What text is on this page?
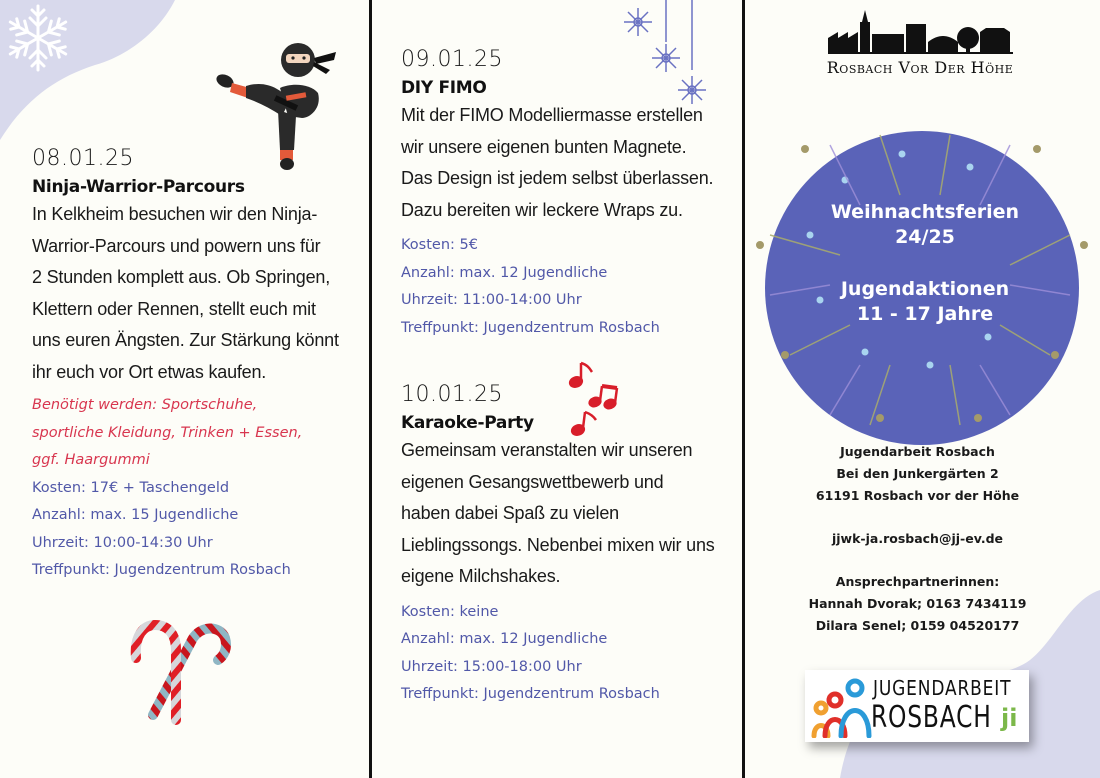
08.01.25
Ninja-Warrior-Parcours
In Kelkheim besuchen wir den Ninja-
Warrior-Parcours und powern uns für
2 Stunden komplett aus. Ob Springen,
Klettern oder Rennen, stellt euch mit
uns euren Ängsten. Zur Stärkung könnt
ihr euch vor Ort etwas kaufen.
Benötigt werden: Sportschuhe,
sportliche Kleidung, Trinken + Essen,
ggf. Haargummi
Kosten: 17€ + Taschengeld
Anzahl: max. 15 Jugendliche
Uhrzeit: 10:00-14:30 Uhr
Treffpunkt: Jugendzentrum Rosbach
09.01.25
DIY FIMO
Mit der FIMO Modelliermasse erstellen
wir unsere eigenen bunten Magnete.
Das Design ist jedem selbst überlassen.
Dazu bereiten wir leckere Wraps zu.
Kosten: 5€
Anzahl: max. 12 Jugendliche
Uhrzeit: 11:00-14:00 Uhr
Treffpunkt: Jugendzentrum Rosbach
10.01.25
Karaoke-Party
Gemeinsam veranstalten wir unseren
eigenen Gesangswettbewerb und
haben dabei Spaß zu vielen
Lieblingssongs. Nebenbei mixen wir uns
eigene Milchshakes.
Kosten: keine
Anzahl: max. 12 Jugendliche
Uhrzeit: 15:00-18:00 Uhr
Treffpunkt: Jugendzentrum Rosbach
Rosbach Vor Der Höhe
Weihnachtsferien
24/25
Jugendaktionen
11 - 17 Jahre
Jugendarbeit Rosbach
Bei den Junkergärten 2
61191 Rosbach vor der Höhe
jjwk-ja.rosbach@jj-ev.de
Ansprechpartnerinnen:
Hannah Dvorak; 0163 7434119
Dilara Senel; 0159 04520177
JUGENDARBEIT
ROSBACH ji
